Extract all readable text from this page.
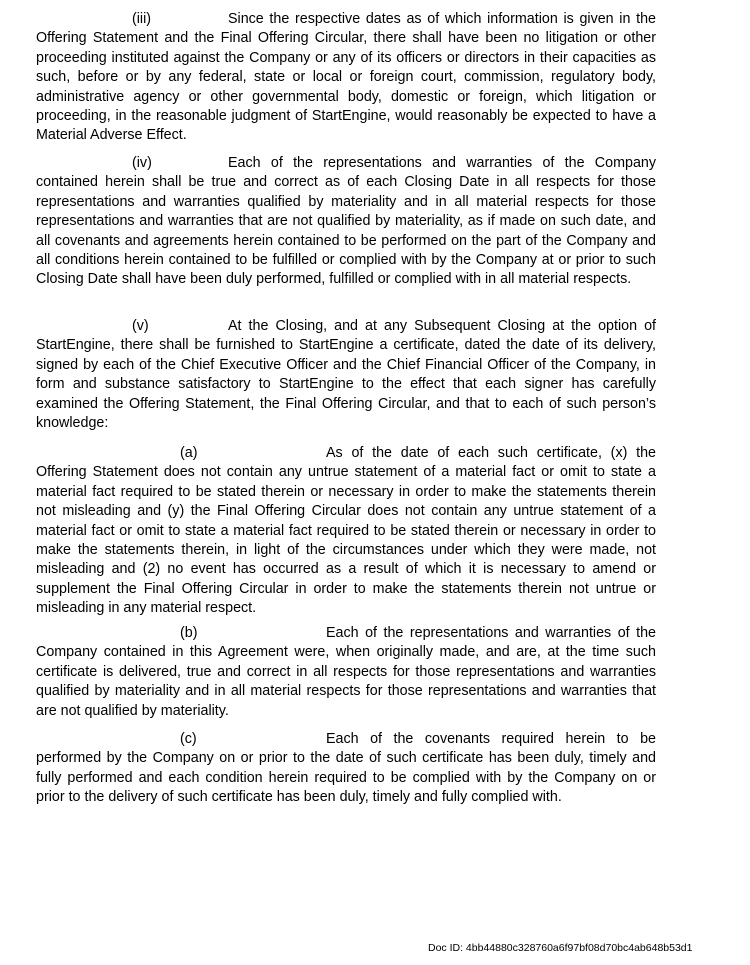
(iii)	Since the respective dates as of which information is given in the Offering Statement and the Final Offering Circular, there shall have been no litigation or other proceeding instituted against the Company or any of its officers or directors in their capacities as such, before or by any federal, state or local or foreign court, commission, regulatory body, administrative agency or other governmental body, domestic or foreign, which litigation or proceeding, in the reasonable judgment of StartEngine, would reasonably be expected to have a Material Adverse Effect.

(iv)	Each of the representations and warranties of the Company contained herein shall be true and correct as of each Closing Date in all respects for those representations and warranties qualified by materiality and in all material respects for those representations and warranties that are not qualified by materiality, as if made on such date, and all covenants and agreements herein contained to be performed on the part of the Company and all conditions herein contained to be fulfilled or complied with by the Company at or prior to such Closing Date shall have been duly performed, fulfilled or complied with in all material respects.

(v)	At the Closing, and at any Subsequent Closing at the option of StartEngine, there shall be furnished to StartEngine a certificate, dated the date of its delivery, signed by each of the Chief Executive Officer and the Chief Financial Officer of the Company, in form and substance satisfactory to StartEngine to the effect that each signer has carefully examined the Offering Statement, the Final Offering Circular, and that to each of such person’s knowledge:

(a)	As of the date of each such certificate, (x) the Offering Statement does not contain any untrue statement of a material fact or omit to state a material fact required to be stated therein or necessary in order to make the statements therein not misleading and (y) the Final Offering Circular does not contain any untrue statement of a material fact or omit to state a material fact required to be stated therein or necessary in order to make the statements therein, in light of the circumstances under which they were made, not misleading and (2) no event has occurred as a result of which it is necessary to amend or supplement the Final Offering Circular in order to make the statements therein not untrue or misleading in any material respect.

(b)	Each of the representations and warranties of the Company contained in this Agreement were, when originally made, and are, at the time such certificate is delivered, true and correct in all respects for those representations and warranties qualified by materiality and in all material respects for those representations and warranties that are not qualified by materiality.

(c)	Each of the covenants required herein to be performed by the Company on or prior to the date of such certificate has been duly, timely and fully performed and each condition herein required to be complied with by the Company on or prior to the delivery of such certificate has been duly, timely and fully complied with.

Doc ID: 4bb44880c328760a6f97bf08d70bc4ab648b53d1
